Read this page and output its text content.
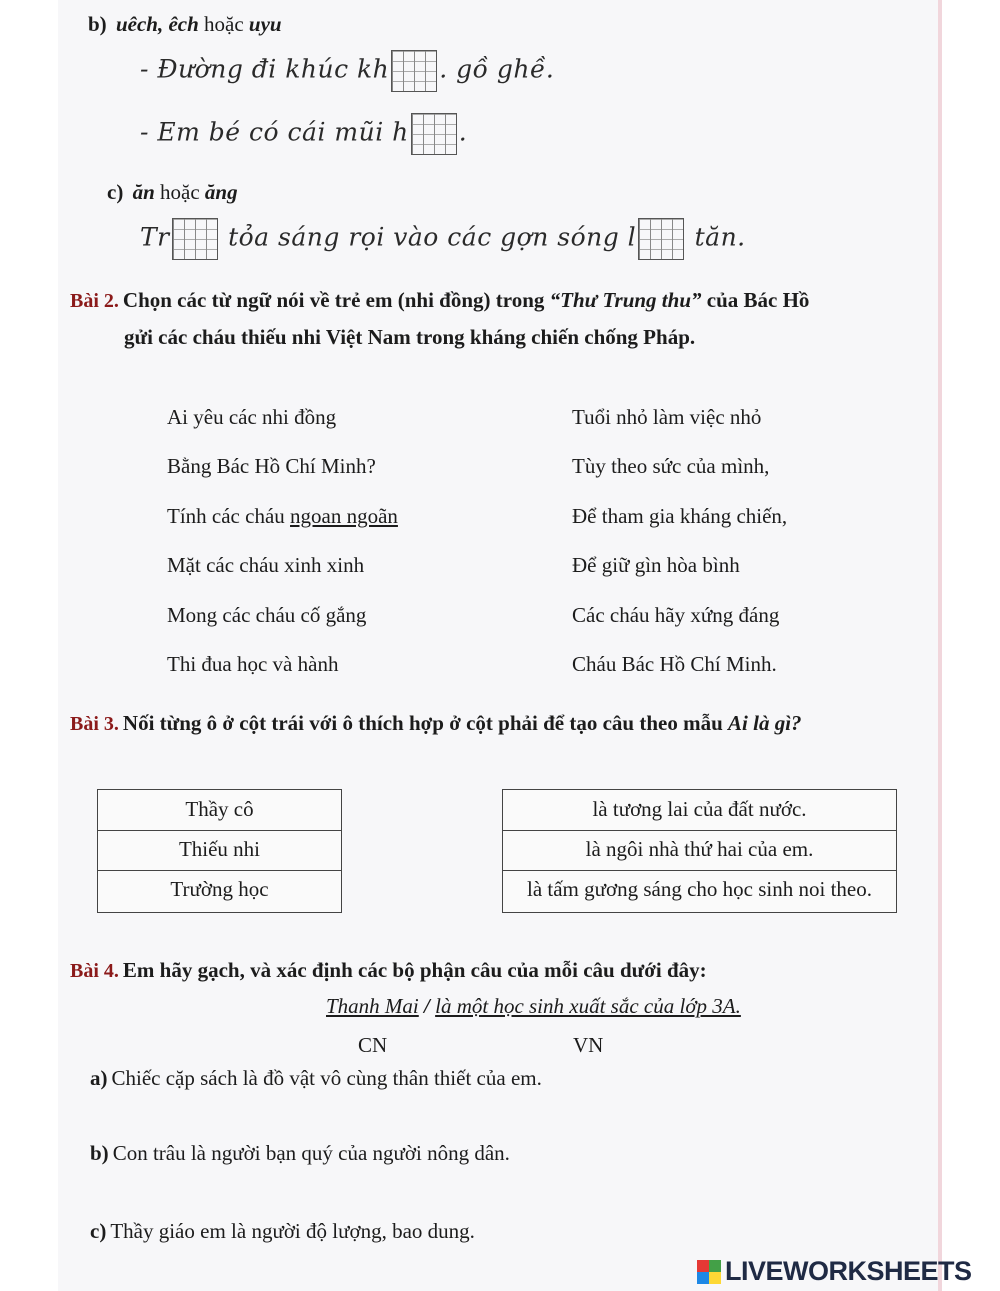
b) uêch, êch hoặc uyu
- Đường đi khúc kh . gồ ghề.
- Em bé có cái mũi h .
c) ăn hoặc ăng
Tr tỏa sáng rọi vào các gợn sóng l tăn.
Bài 2. Chọn các từ ngữ nói về trẻ em (nhi đồng) trong “Thư Trung thu” của Bác Hồ
gửi các cháu thiếu nhi Việt Nam trong kháng chiến chống Pháp.
Ai yêu các nhi đồng
Bằng Bác Hồ Chí Minh?
Tính các cháu ngoan ngoãn
Mặt các cháu xinh xinh
Mong các cháu cố gắng
Thi đua học và hành
Tuổi nhỏ làm việc nhỏ
Tùy theo sức của mình,
Để tham gia kháng chiến,
Để giữ gìn hòa bình
Các cháu hãy xứng đáng
Cháu Bác Hồ Chí Minh.
Bài 3. Nối từng ô ở cột trái với ô thích hợp ở cột phải để tạo câu theo mẫu Ai là gì?
Thầy cô
Thiếu nhi
Trường học
là tương lai của đất nước.
là ngôi nhà thứ hai của em.
là tấm gương sáng cho học sinh noi theo.
Bài 4. Em hãy gạch, và xác định các bộ phận câu của mỗi câu dưới đây:
Thanh Mai / là một học sinh xuất sắc của lớp 3A.
CN	VN
a) Chiếc cặp sách là đồ vật vô cùng thân thiết của em.
b) Con trâu là người bạn quý của người nông dân.
c) Thầy giáo em là người độ lượng, bao dung.
LIVEWORKSHEETS
